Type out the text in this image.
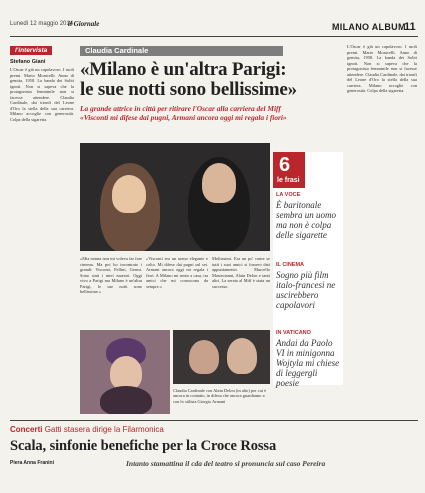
Lunedì 12 maggio 2014
il Giornale	MILANO ALBUM
11
l'intervista	Claudia Cardinale
Stefano Giani «Milano è un'altra Parigi:
le sue notti sono bellissime»
La grande attrice in città per ritirare l'Oscar alla carriera del Miff
«Visconti mi difese dai pugni, Armani ancora oggi mi regala i fiori»
L'Oscar è già un capolavoro. I ruoli premi. Mario Monicelli. Anno di gemita, 1958. La banda dei Soliti ignoti. Non si sapeva che la protagonista femminile non si facesse attendere. Claudia Cardinale, dai trionfi del Leone d'Oro la stella della sua carriera. Milano accoglie con generosità. Colpa della sigaretta.
«Mia nonna non mi voleva far fare cinema. Ma poi ho incontrato i grandi: Visconti, Fellini, Germi. Sono stati i miei maestri. Oggi vivo a Parigi ma Milano è un'altra Parigi, le sue notti sono bellissime.»
«Visconti era un uomo elegante e colto. Mi difese dai pugni sul set. Armani ancora oggi mi regala i fiori. A Milano mi sento a casa, tra amici che mi conoscono da sempre.»
Moltissimi. Era un po' come se tutti i suoi amici si fossero dati appuntamento. Marcello Mastroianni, Alain Delon e tanti altri. La serata al Miff è stata un successo.
Claudia Cardinale con Alain Delon (in alto) per cui è ancora in contatto, in difesa che ancora guardiamo a con lo stilista Giorgio Armani
6
le frasi
LA VOCE
È baritonale sembra un uomo ma non è colpa delle sigarette
IL CINEMA
Sogno più film italo-francesi ne uscirebbero capolavori
IN VATICANO
Andai da Paolo VI in minigonna Wojtyla mi chiese di leggergli poesie
L'Oscar è già un capolavoro. I ruoli premi. Mario Monicelli. Anno di gemita, 1958. La banda dei Soliti ignoti. Non si sapeva che la protagonista femminile non si facesse attendere. Claudia Cardinale, dai trionfi del Leone d'Oro la stella della sua carriera. Milano accoglie con generosità. Colpa della sigaretta.
Concerti Gatti stasera dirige la Filarmonica
Scala, sinfonie benefiche per la Croce Rossa
Piera Anna Franini	Intanto stamattina il cda del teatro si pronuncia sul caso Pereira
